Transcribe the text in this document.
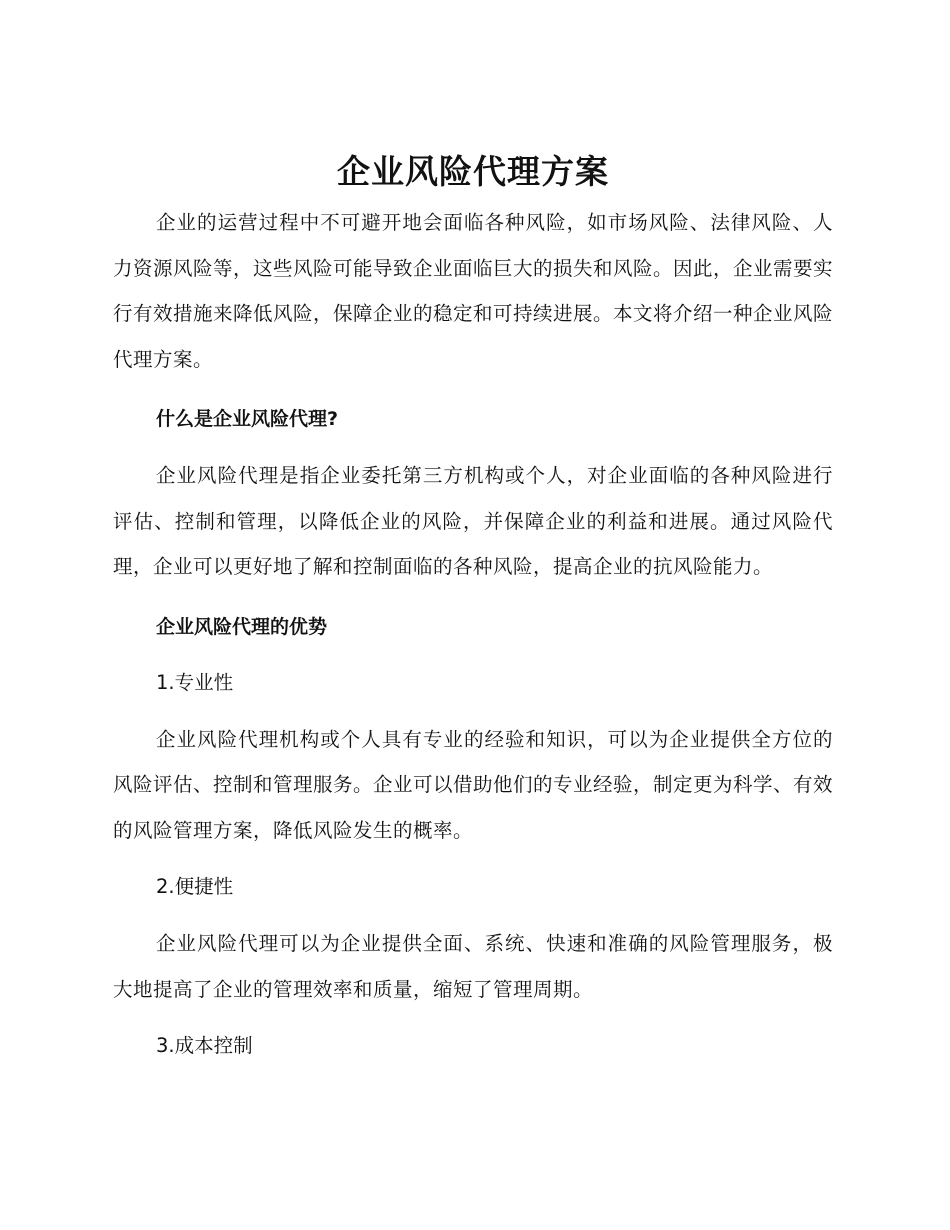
企业风险代理方案

企业的运营过程中不可避开地会面临各种风险，如市场风险、法律风险、人力资源风险等，这些风险可能导致企业面临巨大的损失和风险。因此，企业需要实行有效措施来降低风险，保障企业的稳定和可持续进展。本文将介绍一种企业风险代理方案。

什么是企业风险代理?

企业风险代理是指企业委托第三方机构或个人，对企业面临的各种风险进行评估、控制和管理，以降低企业的风险，并保障企业的利益和进展。通过风险代理，企业可以更好地了解和控制面临的各种风险，提高企业的抗风险能力。

企业风险代理的优势

1.专业性

企业风险代理机构或个人具有专业的经验和知识，可以为企业提供全方位的风险评估、控制和管理服务。企业可以借助他们的专业经验，制定更为科学、有效的风险管理方案，降低风险发生的概率。

2.便捷性

企业风险代理可以为企业提供全面、系统、快速和准确的风险管理服务，极大地提高了企业的管理效率和质量，缩短了管理周期。

3.成本控制
